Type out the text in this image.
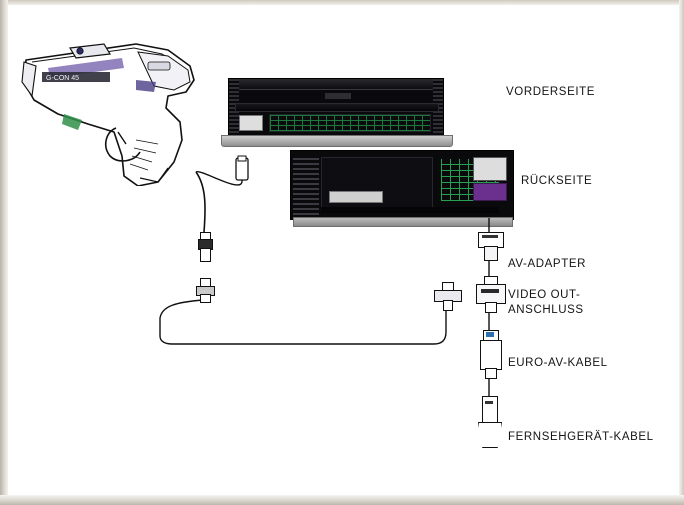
G-CON 45
VORDERSEITE
RÜCKSEITE
AV-ADAPTER
VIDEO OUT-
ANSCHLUSS
EURO-AV-KABEL
FERNSEHGERÄT-KABEL
